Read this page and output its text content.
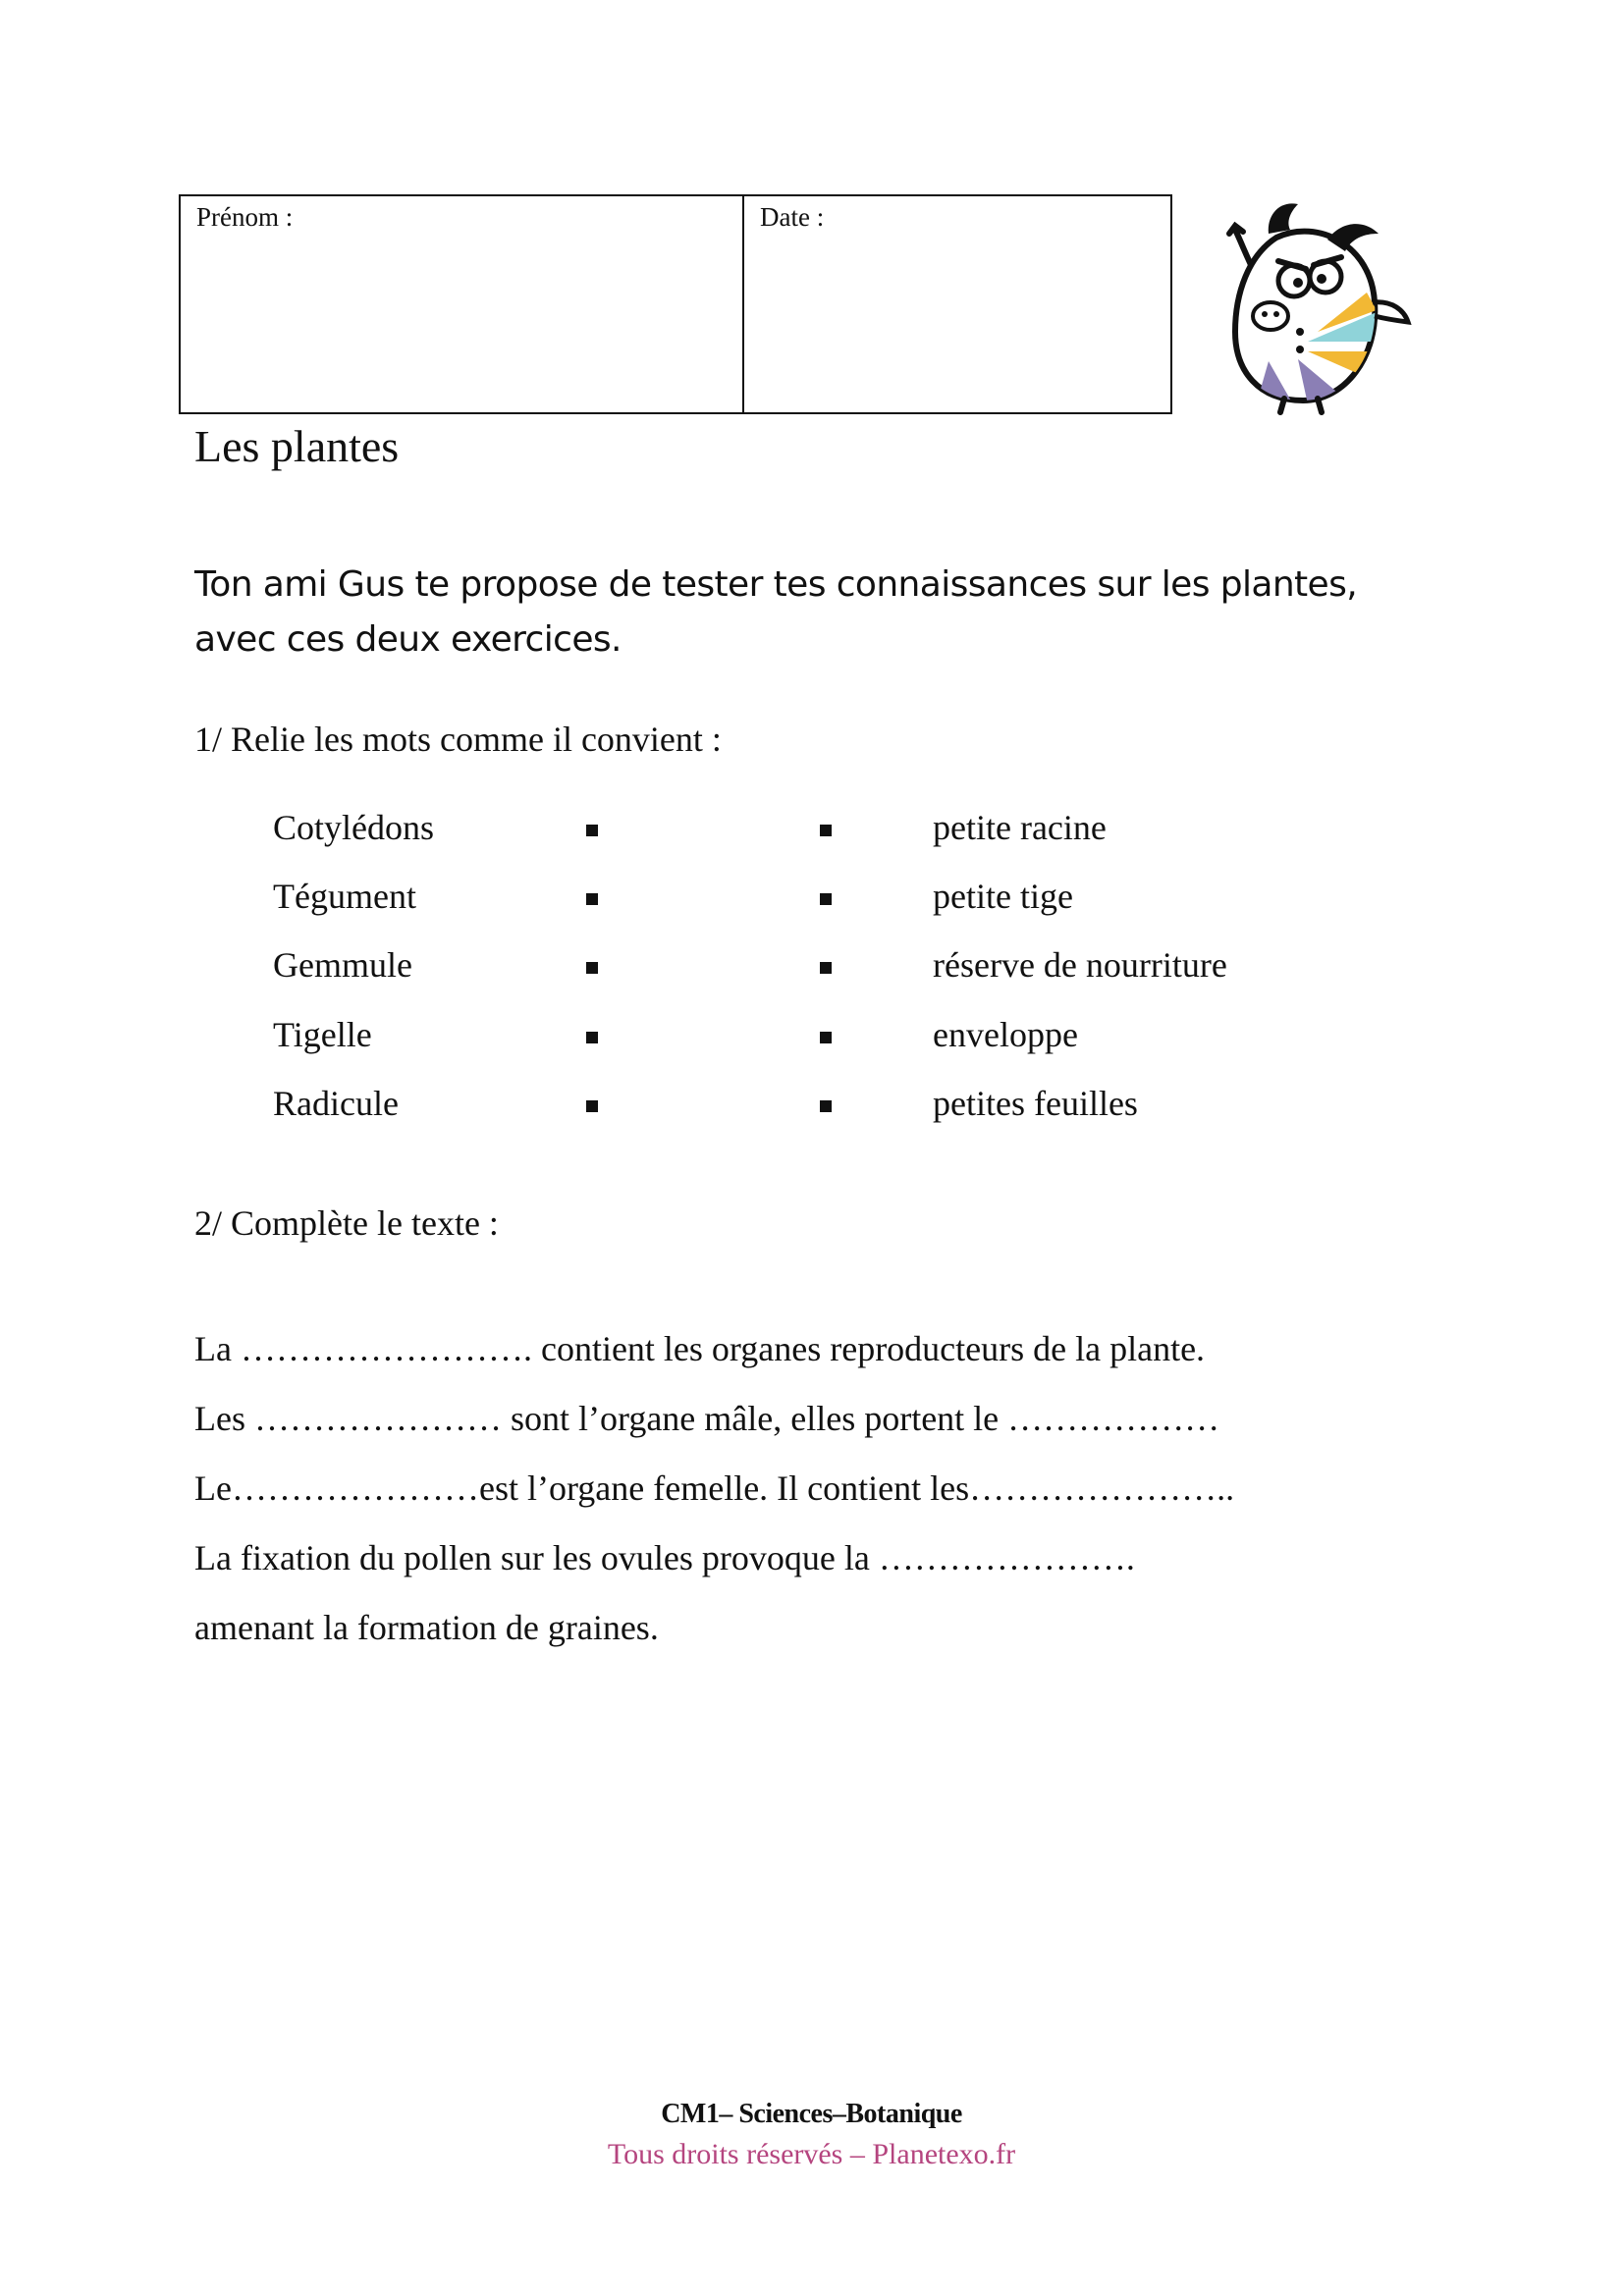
Prénom :	Date :
Les plantes
Ton ami Gus te propose de tester tes connaissances sur les plantes,
avec ces deux exercices.
1/ Relie les mots comme il convient :
Cotylédons	petite racine
Tégument	petite tige
Gemmule	réserve de nourriture
Tigelle	enveloppe
Radicule	petites feuilles
2/ Complète le texte :
La ……………………. contient les organes reproducteurs de la plante.
Les ………………… sont l’organe mâle, elles portent le ………………
Le…………………est l’organe femelle. Il contient les…………………..
La fixation du pollen sur les ovules provoque la ………………….
amenant la formation de graines.
CM1– Sciences–Botanique
Tous droits réservés – Planetexo.fr
